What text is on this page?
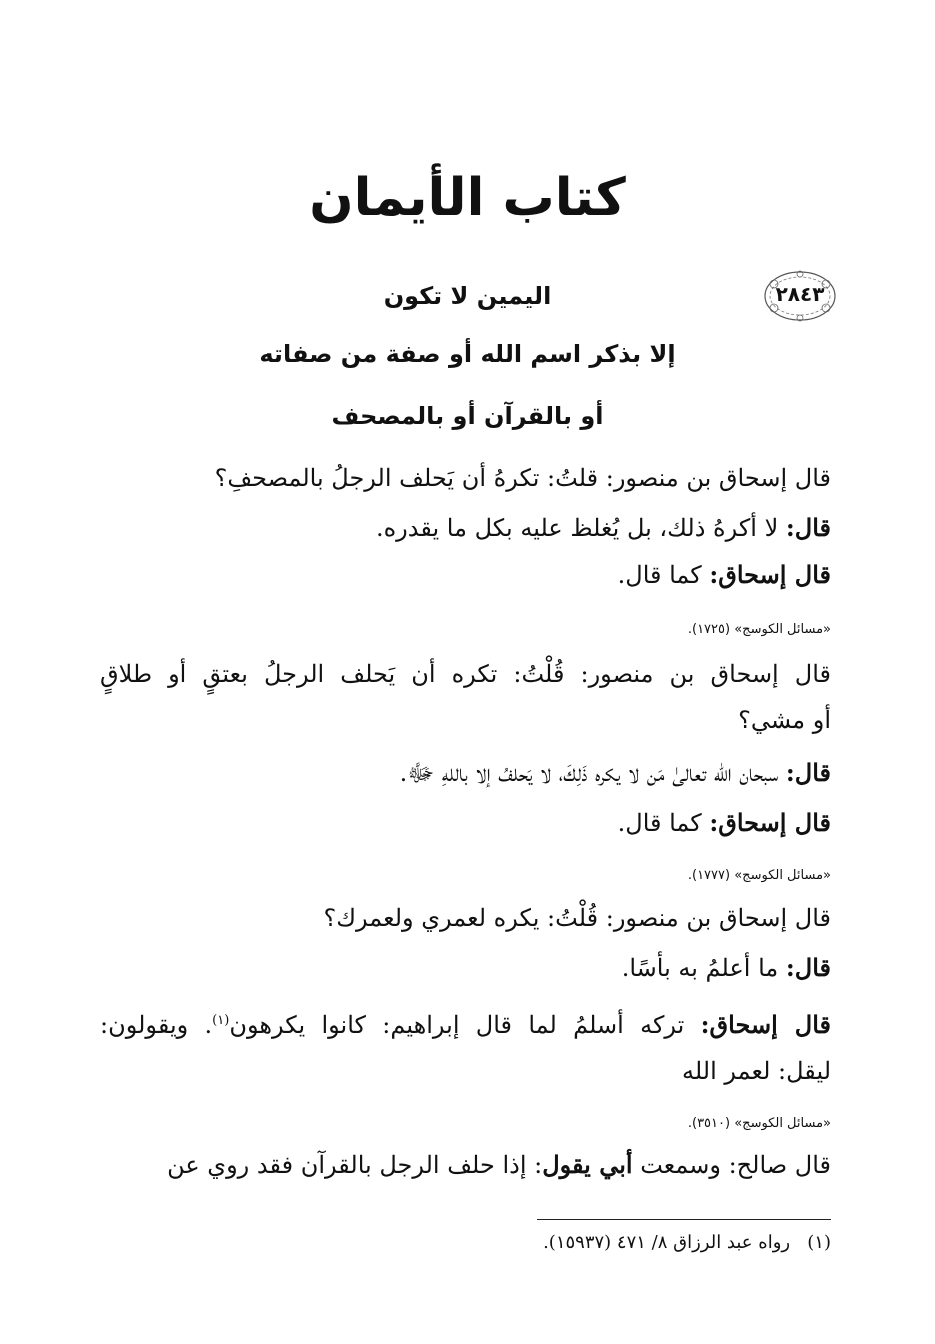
كتاب الأيمان
٢٨٤٣
اليمين لا تكون
إلا بذكر اسم الله أو صفة من صفاته
أو بالقرآن أو بالمصحف
قال إسحاق بن منصور: قلتُ: تكرهُ أن يَحلف الرجلُ بالمصحفِ؟
قال: لا أكرهُ ذلك، بل يُغلظ عليه بكل ما يقدره.
قال إسحاق: كما قال.
«مسائل الكوسج» (١٧٢٥).
قال إسحاق بن منصور: قُلْتُ: تكره أن يَحلف الرجلُ بعتقٍ أو طلاقٍ
أو مشي؟
قال: سبحان الله تعالىٰ مَن لا يكره ذَلِكَ، لا يَحلفُ إلا باللهِ ﷻ.
قال إسحاق: كما قال.
«مسائل الكوسج» (١٧٧٧).
قال إسحاق بن منصور: قُلْتُ: يكره لعمري ولعمرك؟
قال: ما أعلمُ به بأسًا.
قال إسحاق: تركه أسلمُ لما قال إبراهيم: كانوا يكرهون$^{(١)}$. ويقولون:
ليقل: لعمر الله
«مسائل الكوسج» (٣٥١٠).
قال صالح: وسمعت أبي يقول: إذا حلف الرجل بالقرآن فقد روي عن
(١)   رواه عبد الرزاق ٨/ ٤٧١ (١٥٩٣٧).
